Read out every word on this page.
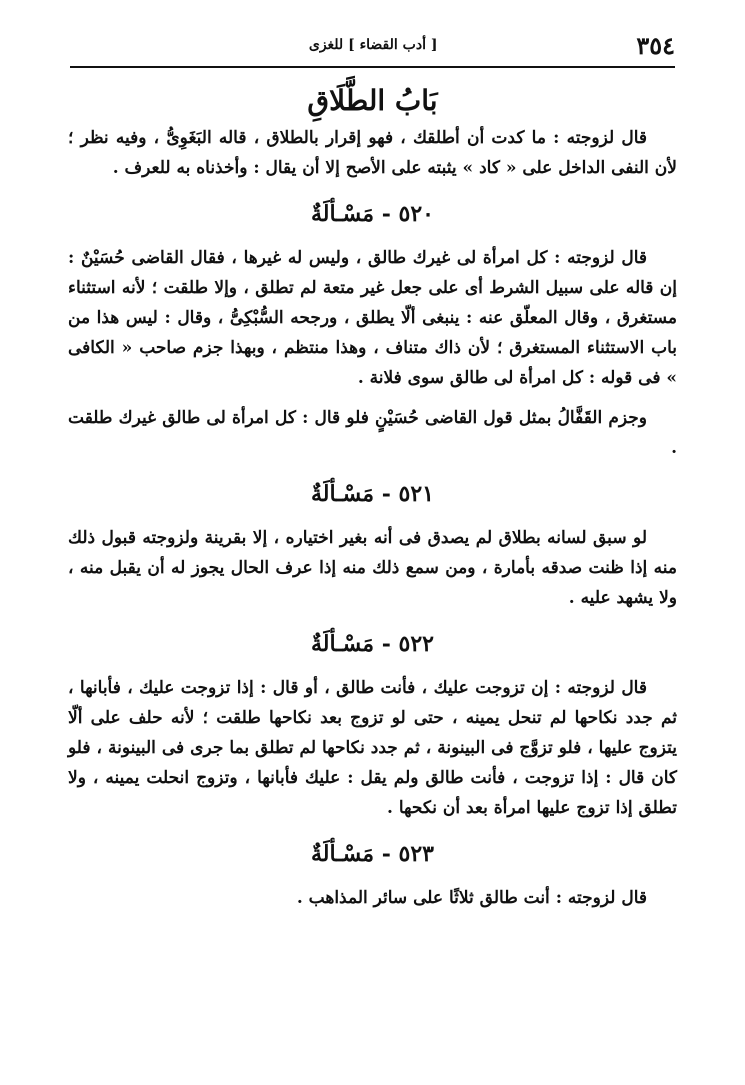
٣٥٤
[ أدب القضاء ] للغزى
بَابُ الطَّلَاقِ

قال لزوجته : ما كدت أن أطلقك ، فهو إقرار بالطلاق ، قاله البَغَوِىُّ ، وفيه نظر ؛ لأن النفى الداخل على « كاد » يثبته على الأصح إلا أن يقال : وأخذناه به للعرف .

٥٢٠ - مَسْـألَةٌ

قال لزوجته : كل امرأة لى غيرك طالق ، وليس له غيرها ، فقال القاضى حُسَيْنٌ : إن قاله على سبيل الشرط أى على جعل غير متعة لم تطلق ، وإلا طلقت ؛ لأنه استثناء مستغرق ، وقال المعلّق عنه : ينبغى ألّا يطلق ، ورجحه السُّبْكِىُّ ، وقال : ليس هذا من باب الاستثناء المستغرق ؛ لأن ذاك متناف ، وهذا منتظم ، وبهذا جزم صاحب « الكافى » فى قوله : كل امرأة لى طالق سوى فلانة .

وجزم القَفَّالُ بمثل قول القاضى حُسَيْنٍ فلو قال : كل امرأة لى طالق غيرك طلقت .

٥٢١ - مَسْـألَةٌ

لو سبق لسانه بطلاق لم يصدق فى أنه بغير اختياره ، إلا بقرينة ولزوجته قبول ذلك منه إذا ظنت صدقه بأمارة ، ومن سمع ذلك منه إذا عرف الحال يجوز له أن يقبل منه ، ولا يشهد عليه .

٥٢٢ - مَسْـألَةٌ

قال لزوجته : إن تزوجت عليك ، فأنت طالق ، أو قال : إذا تزوجت عليك ، فأبانها ، ثم جدد نكاحها لم تنحل يمينه ، حتى لو تزوج بعد نكاحها طلقت ؛ لأنه حلف على ألّا يتزوج عليها ، فلو تزوَّج فى البينونة ، ثم جدد نكاحها لم تطلق بما جرى فى البينونة ، فلو كان قال : إذا تزوجت ، فأنت طالق ولم يقل : عليك فأبانها ، وتزوج انحلت يمينه ، ولا تطلق إذا تزوج عليها امرأة بعد أن نكحها .

٥٢٣ - مَسْـألَةٌ

قال لزوجته : أنت طالق ثلاثًا على سائر المذاهب .
